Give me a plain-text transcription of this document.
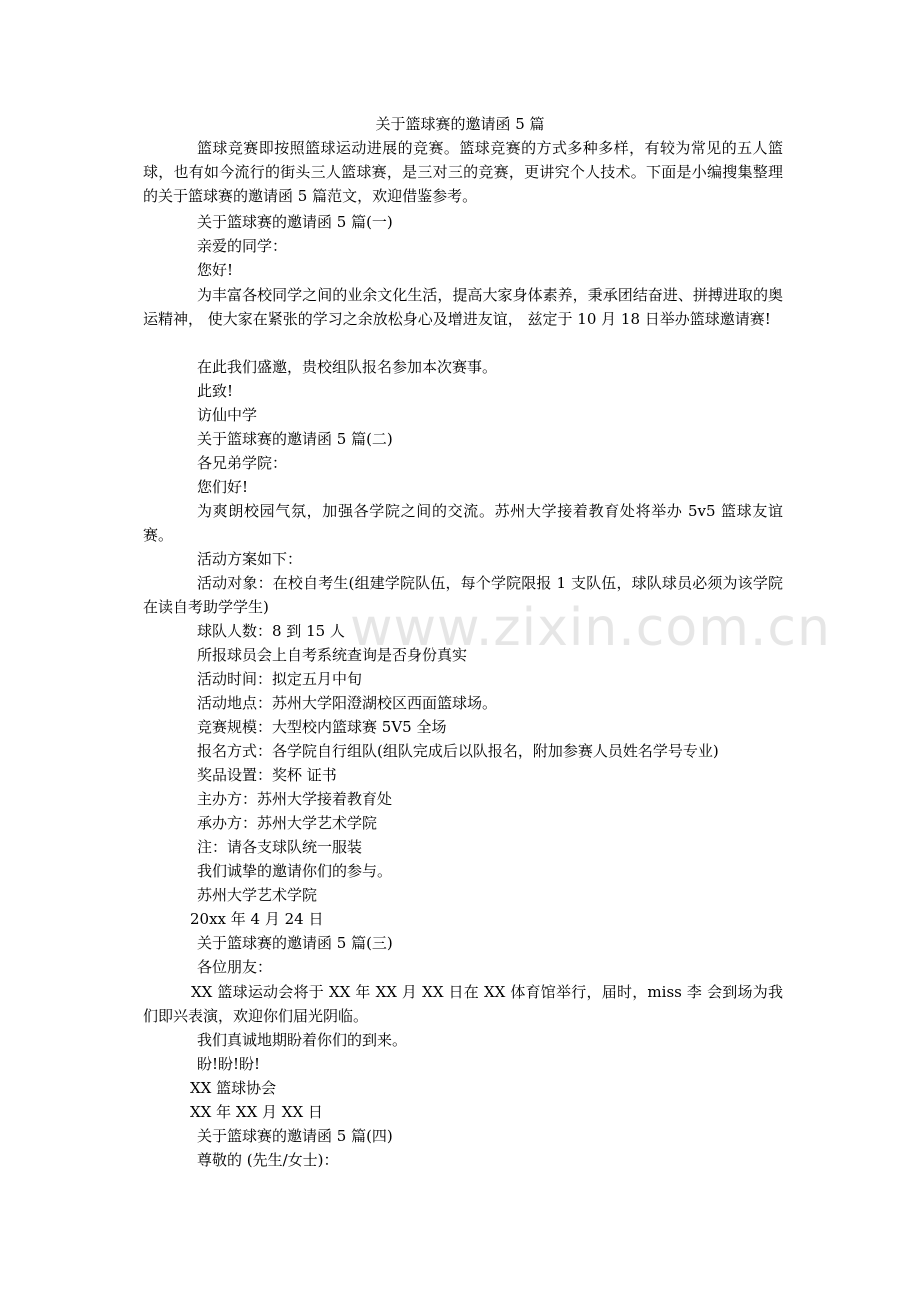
www.zixin.com.cn
关于篮球赛的邀请函 5 篇
篮球竞赛即按照篮球运动进展的竞赛。篮球竞赛的方式多种多样，有较为常见的五人篮球，也有如今流行的街头三人篮球赛，是三对三的竞赛，更讲究个人技术。下面是小编搜集整理的关于篮球赛的邀请函 5 篇范文，欢迎借鉴参考。
关于篮球赛的邀请函 5 篇(一)
亲爱的同学：
您好!
为丰富各校同学之间的业余文化生活，提高大家身体素养，秉承团结奋进、拼搏进取的奥运精神， 使大家在紧张的学习之余放松身心及增进友谊， 兹定于 10 月 18 日举办篮球邀请赛!
在此我们盛邀，贵校组队报名参加本次赛事。
此致!
访仙中学
关于篮球赛的邀请函 5 篇(二)
各兄弟学院：
您们好!
为爽朗校园气氛，加强各学院之间的交流。苏州大学接着教育处将举办 5v5 篮球友谊赛。
活动方案如下：
活动对象：在校自考生(组建学院队伍，每个学院限报 1 支队伍，球队球员必须为该学院在读自考助学学生)
球队人数：8 到 15 人
所报球员会上自考系统查询是否身份真实
活动时间：拟定五月中旬
活动地点：苏州大学阳澄湖校区西面篮球场。
竞赛规模：大型校内篮球赛 5V5 全场
报名方式：各学院自行组队(组队完成后以队报名，附加参赛人员姓名学号专业)
奖品设置：奖杯 证书
主办方：苏州大学接着教育处
承办方：苏州大学艺术学院
注：请各支球队统一服装
我们诚挚的邀请你们的参与。
苏州大学艺术学院
20xx 年 4 月 24 日
关于篮球赛的邀请函 5 篇(三)
各位朋友：
XX 篮球运动会将于 XX 年 XX 月 XX 日在 XX 体育馆举行，届时，miss 李 会到场为我们即兴表演，欢迎你们届光阴临。
我们真诚地期盼着你们的到来。
盼!盼!盼!
XX 篮球协会
XX 年 XX 月 XX 日
关于篮球赛的邀请函 5 篇(四)
尊敬的 (先生/女士)：
